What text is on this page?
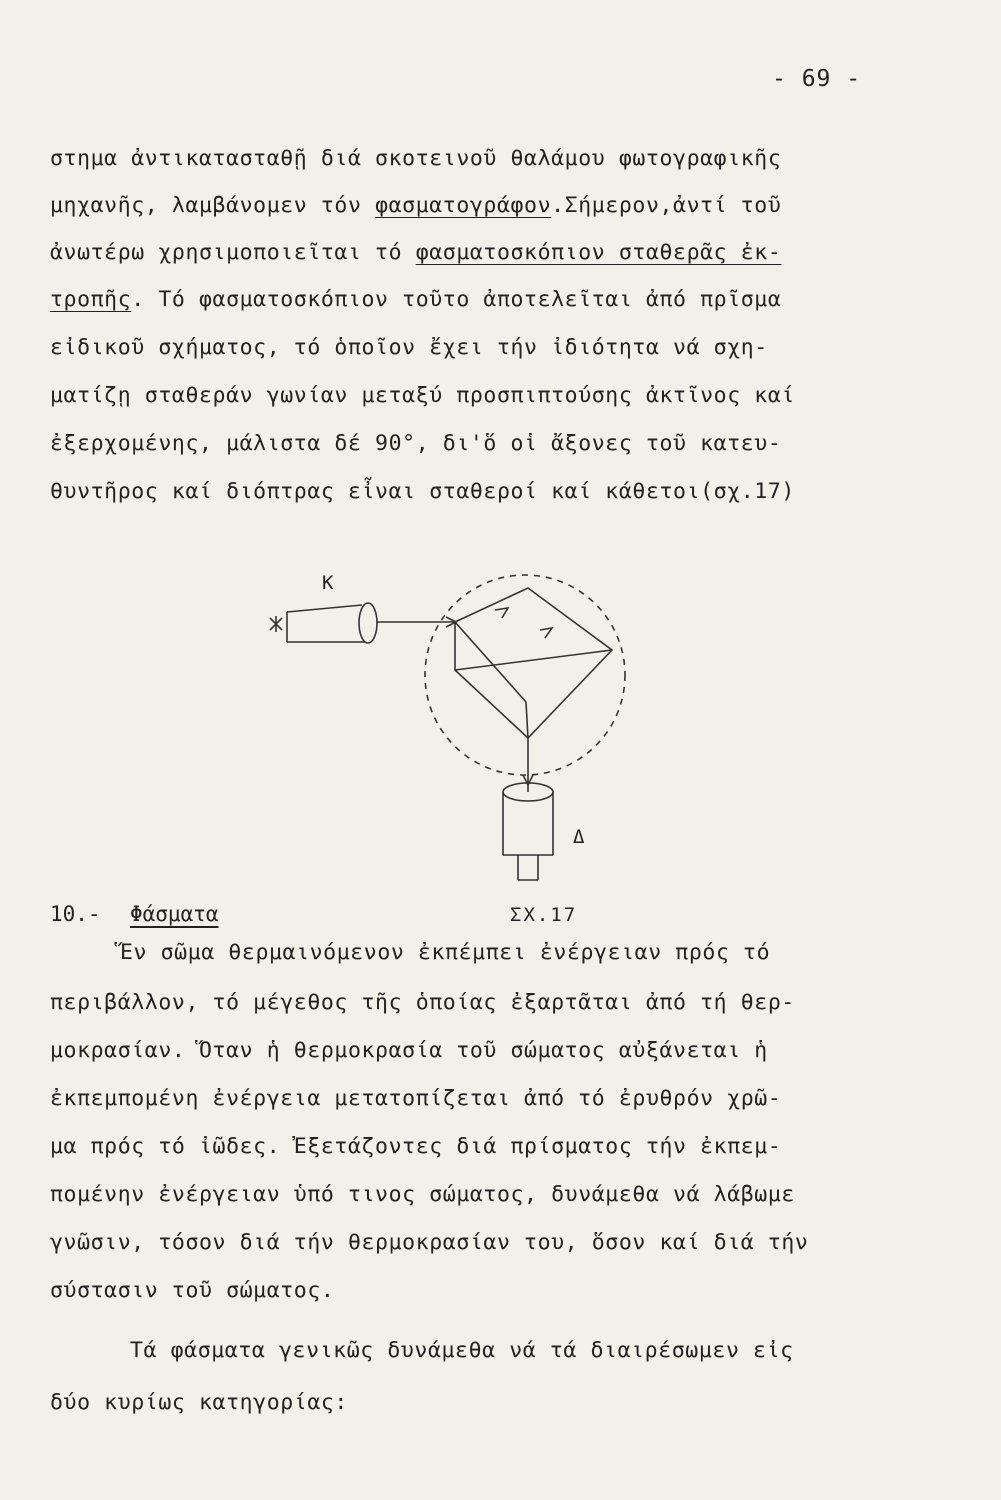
- 69 -
στημα ἀντικατασταθῇ διά σκοτεινοῦ θαλάμου φωτογραφικῆς
μηχανῆς, λαμβάνομεν τόν φασματογράφον.Σήμερον,ἀντί τοῦ
ἀνωτέρω χρησιμοποιεῖται τό φασματοσκόπιον σταθερᾶς ἐκ-
τροπῆς. Τό φασματοσκόπιον τοῦτο ἀποτελεῖται ἀπό πρῖσμα
εἰδικοῦ σχήματος, τό ὁποῖον ἔχει τήν ἰδιότητα νά σχη-
ματίζῃ σταθεράν γωνίαν μεταξύ προσπιπτούσης ἀκτῖνος καί
ἐξερχομένης, μάλιστα δέ 90°, δι'ὅ οἱ ἄξονες τοῦ κατευ-
θυντῆρος καί διόπτρας εἶναι σταθεροί καί κάθετοι(σχ.17)
Κ
Δ
10.- Φάσματα	ΣΧ.17
Ἕν σῶμα θερμαινόμενον ἐκπέμπει ἐνέργειαν πρός τό
περιβάλλον, τό μέγεθος τῆς ὁποίας ἐξαρτᾶται ἀπό τή θερ-
μοκρασίαν. Ὅταν ἡ θερμοκρασία τοῦ σώματος αὐξάνεται ἡ
ἐκπεμπομένη ἐνέργεια μετατοπίζεται ἀπό τό ἐρυθρόν χρῶ-
μα πρός τό ἰῶδες. Ἐξετάζοντες διά πρίσματος τήν ἐκπεμ-
πομένην ἐνέργειαν ὑπό τινος σώματος, δυνάμεθα νά λάβωμε
γνῶσιν, τόσον διά τήν θερμοκρασίαν του, ὅσον καί διά τήν
σύστασιν τοῦ σώματος.
Τά φάσματα γενικῶς δυνάμεθα νά τά διαιρέσωμεν εἰς
δύο κυρίως κατηγορίας:
